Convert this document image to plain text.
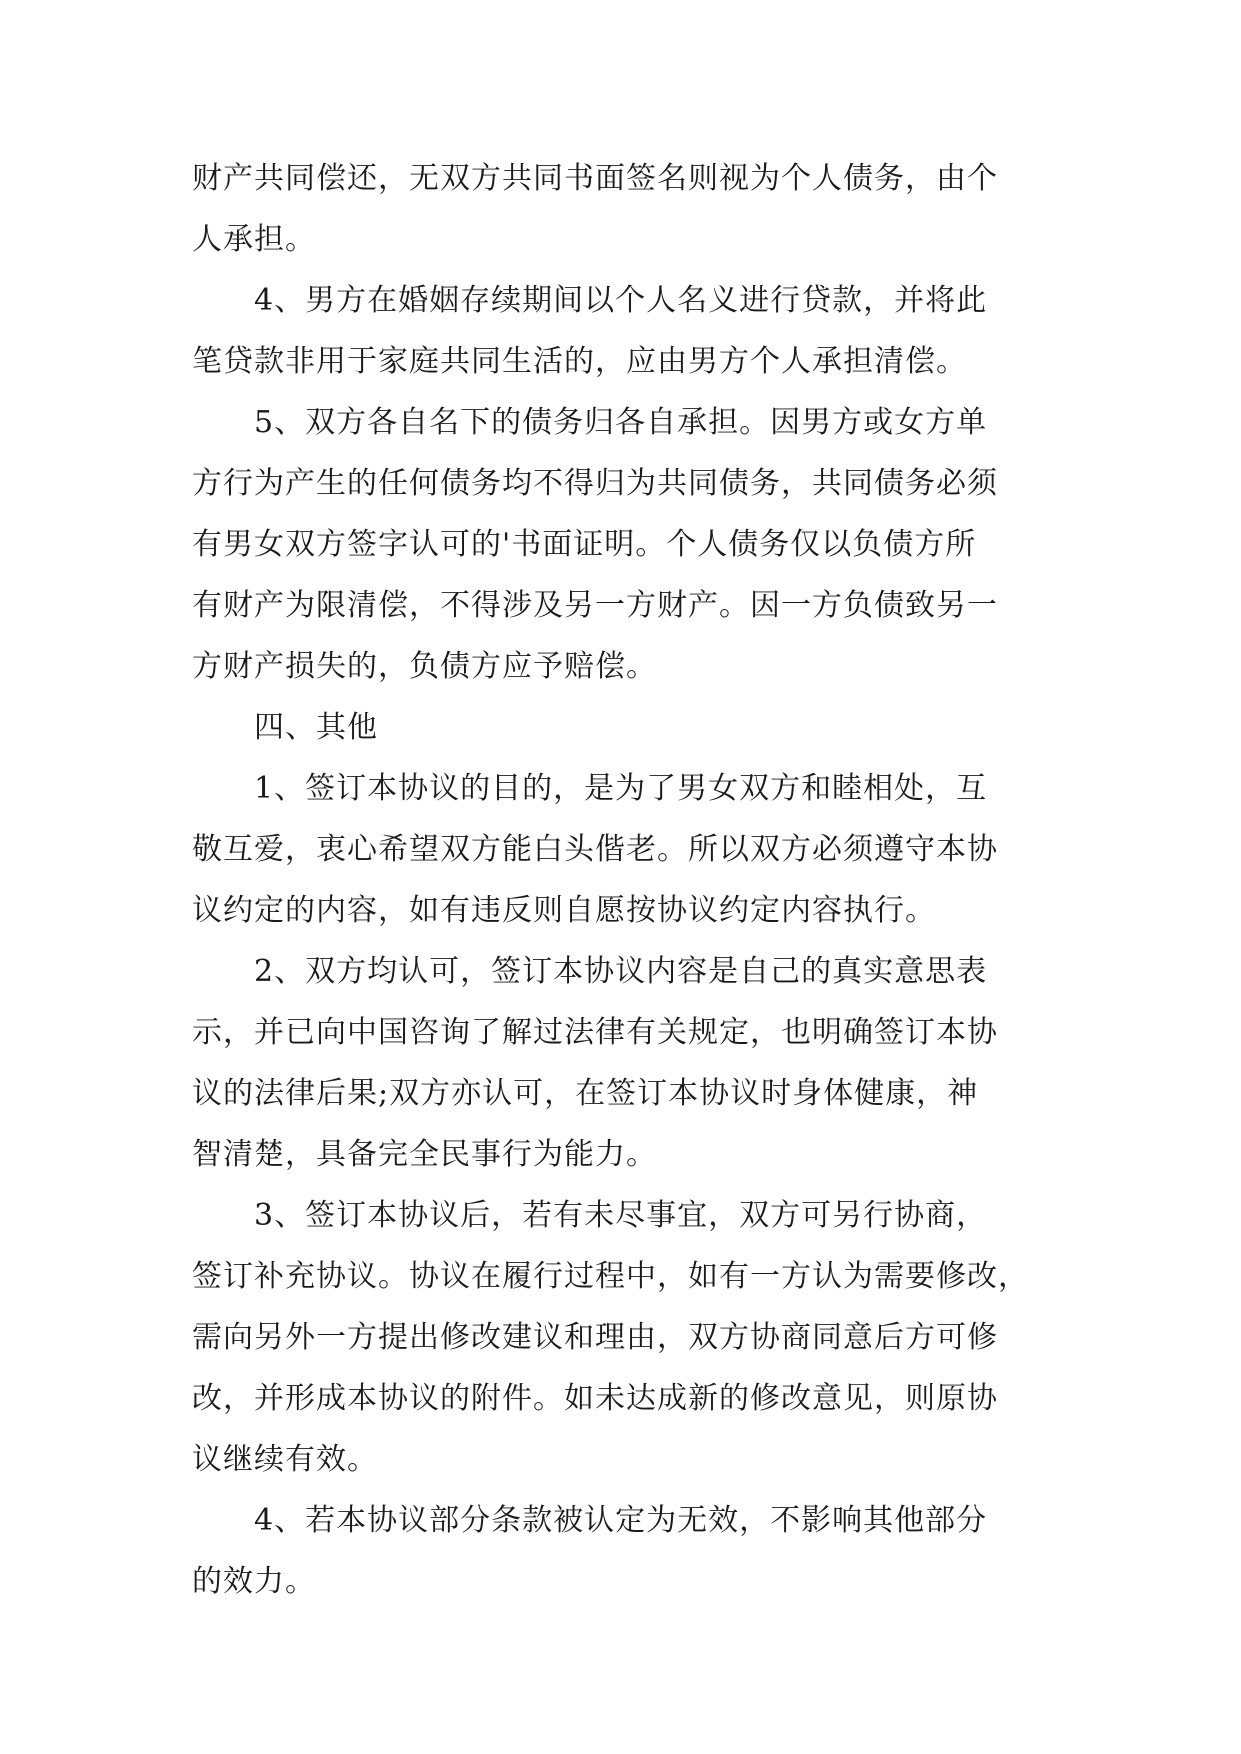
财产共同偿还，无双方共同书面签名则视为个人债务，由个
人承担。
4、男方在婚姻存续期间以个人名义进行贷款，并将此
笔贷款非用于家庭共同生活的，应由男方个人承担清偿。
5、双方各自名下的债务归各自承担。因男方或女方单
方行为产生的任何债务均不得归为共同债务，共同债务必须
有男女双方签字认可的'书面证明。个人债务仅以负债方所
有财产为限清偿，不得涉及另一方财产。因一方负债致另一
方财产损失的，负债方应予赔偿。
四、其他
1、签订本协议的目的，是为了男女双方和睦相处，互
敬互爱，衷心希望双方能白头偕老。所以双方必须遵守本协
议约定的内容，如有违反则自愿按协议约定内容执行。
2、双方均认可，签订本协议内容是自己的真实意思表
示，并已向中国咨询了解过法律有关规定，也明确签订本协
议的法律后果;双方亦认可，在签订本协议时身体健康，神
智清楚，具备完全民事行为能力。
3、签订本协议后，若有未尽事宜，双方可另行协商，
签订补充协议。协议在履行过程中，如有一方认为需要修改，
需向另外一方提出修改建议和理由，双方协商同意后方可修
改，并形成本协议的附件。如未达成新的修改意见，则原协
议继续有效。
4、若本协议部分条款被认定为无效，不影响其他部分
的效力。
